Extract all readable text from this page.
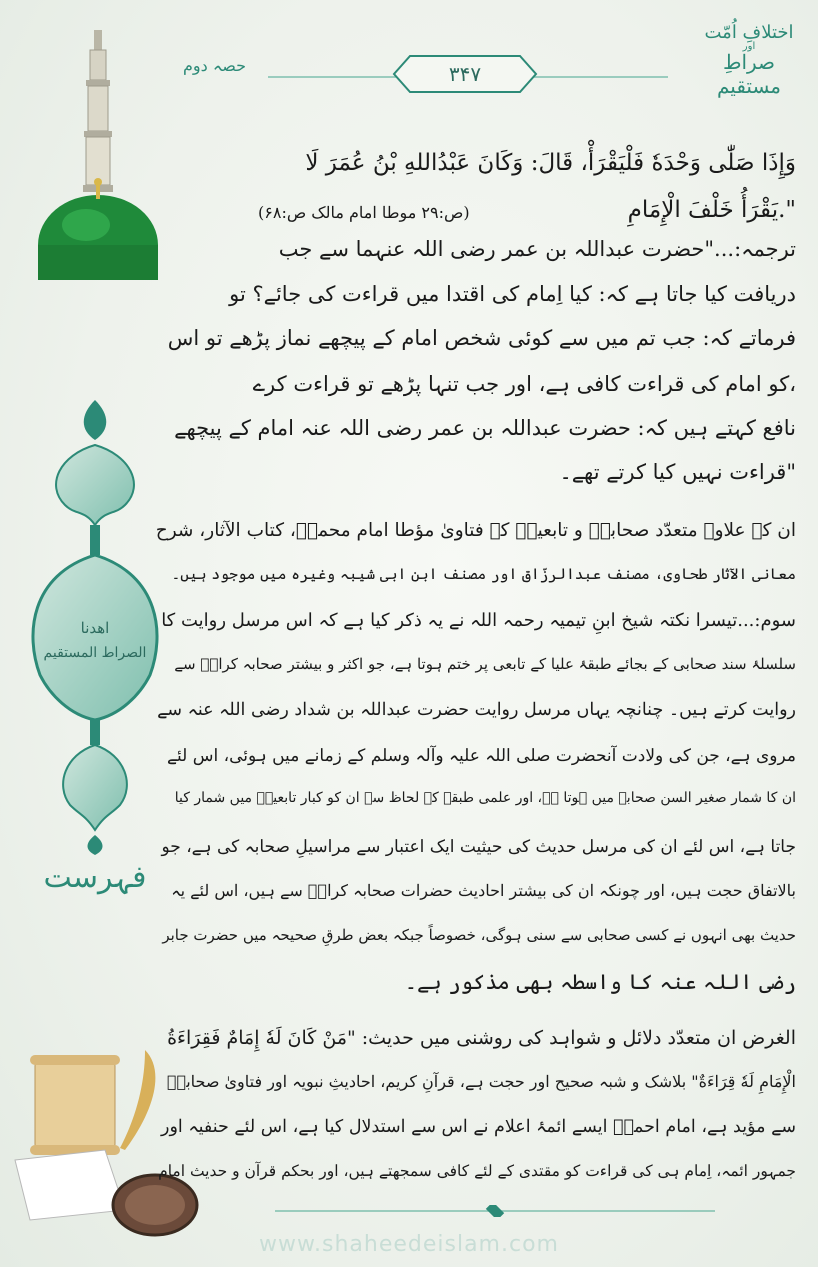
اھدنا
الصراط المستقیم
فہرست
اختلافِ اُمّت
اور
صراطِ مستقیم
حصہ دوم	۳۴۷
وَإِذَا صَلّٰى وَحْدَهٗ فَلْيَقْرَأْ، قَالَ: وَكَانَ عَبْدُاللهِ بْنُ عُمَرَ لَا
يَقْرَأُ خَلْفَ الْإِمَامِ."
(ص:۲۹ موطا امام مالک ص:۶۸)
ترجمہ:..."حضرت عبداللہ بن عمر رضی اللہ عنہما سے جب
دریافت کیا جاتا ہے کہ: کیا اِمام کی اقتدا میں قراءت کی جائے؟ تو
فرماتے کہ: جب تم میں سے کوئی شخص امام کے پیچھے نماز پڑھے تو اس
کو امام کی قراءت کافی ہے، اور جب تنہا پڑھے تو قراءت کرے،
نافع کہتے ہیں کہ: حضرت عبداللہ بن عمر رضی اللہ عنہ امام کے پیچھے
قراءت نہیں کیا کرتے تھے۔"
ان کے علاوہ متعدّد صحابہؓ و تابعینؒ کے فتاویٰ مؤطا امام محمدؒ، کتاب الآثار، شرح
معانی الآثار طحاوی، مصنف عبدالرزّاق اور مصنف ابن ابی شیبہ وغیرہ میں موجود ہیں۔
سوم:...تیسرا نکتہ شیخ ابنِ تیمیہ رحمہ اللہ نے یہ ذکر کیا ہے کہ اس مرسل روایت کا
سلسلۂ سند صحابی کے بجائے طبقۂ علیا کے تابعی پر ختم ہوتا ہے، جو اکثر و بیشتر صحابہ کرامؓ سے
روایت کرتے ہیں۔ چنانچہ یہاں مرسل روایت حضرت عبداللہ بن شداد رضی اللہ عنہ سے
مروی ہے، جن کی ولادت آنحضرت صلی اللہ علیہ وآلہ وسلم کے زمانے میں ہوئی، اس لئے
ان کا شمار صغیر السن صحابہ میں ہوتا ہے، اور علمی طبقے کے لحاظ سے ان کو کبار تابعینؒ میں شمار کیا
جاتا ہے، اس لئے ان کی مرسل حدیث کی حیثیت ایک اعتبار سے مراسیلِ صحابہ کی ہے، جو
بالاتفاق حجت ہیں، اور چونکہ ان کی بیشتر احادیث حضرات صحابہ کرامؓ سے ہیں، اس لئے یہ
حدیث بھی انہوں نے کسی صحابی سے سنی ہوگی، خصوصاً جبکہ بعض طرقِ صحیحہ میں حضرت جابر
رضی اللہ عنہ کا واسطہ بھی مذکور ہے۔
الغرض ان متعدّد دلائل و شواہد کی روشنی میں حدیث: "مَنْ كَانَ لَهٗ إِمَامٌ فَقِرَاءَةُ
الْإِمَامِ لَهٗ قِرَاءَةٌ" بلاشک و شبہ صحیح اور حجت ہے، قرآنِ کریم، احادیثِ نبویہ اور فتاویٰ صحابہؓ
سے مؤید ہے، امام احمدؒ ایسے ائمۂ اعلام نے اس سے استدلال کیا ہے، اس لئے حنفیہ اور
جمہور ائمہ، اِمام ہی کی قراءت کو مقتدی کے لئے کافی سمجھتے ہیں، اور بحکم قرآن و حدیث امام
www.shaheedeislam.com
